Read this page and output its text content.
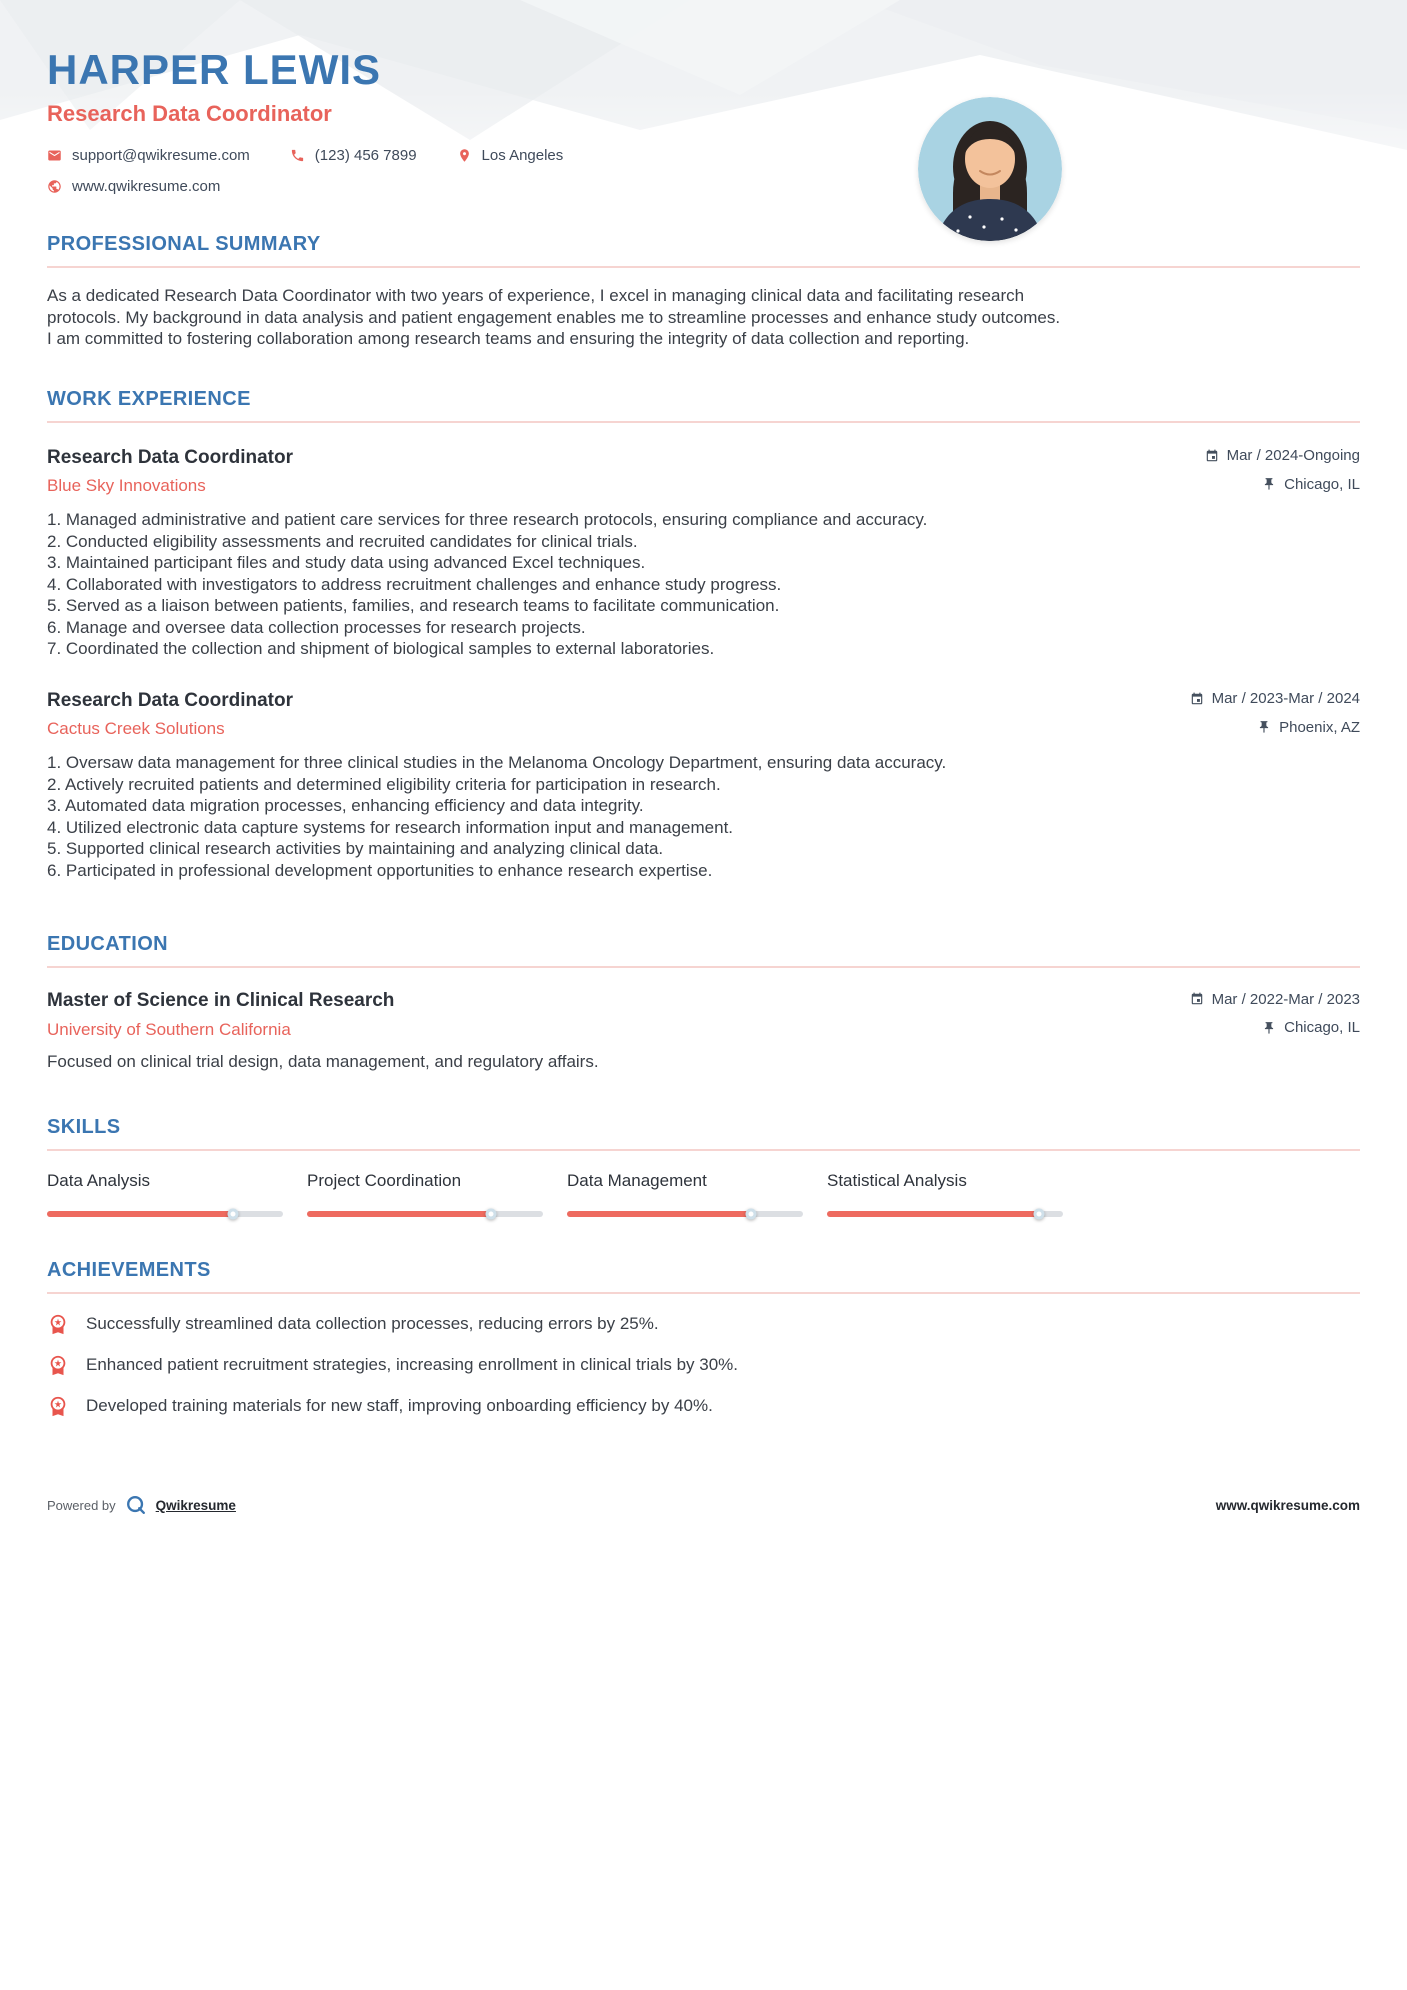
HARPER LEWIS
Research Data Coordinator
support@qwikresume.com	(123) 456 7899	Los Angeles
www.qwikresume.com
PROFESSIONAL SUMMARY

As a dedicated Research Data Coordinator with two years of experience, I excel in managing clinical data and facilitating research protocols. My background in data analysis and patient engagement enables me to streamline processes and enhance study outcomes. I am committed to fostering collaboration among research teams and ensuring the integrity of data collection and reporting.

WORK EXPERIENCE
Research Data Coordinator	Mar / 2024-Ongoing
Blue Sky Innovations	Chicago, IL
1. Managed administrative and patient care services for three research protocols, ensuring compliance and accuracy.
2. Conducted eligibility assessments and recruited candidates for clinical trials.
3. Maintained participant files and study data using advanced Excel techniques.
4. Collaborated with investigators to address recruitment challenges and enhance study progress.
5. Served as a liaison between patients, families, and research teams to facilitate communication.
6. Manage and oversee data collection processes for research projects.
7. Coordinated the collection and shipment of biological samples to external laboratories.
Research Data Coordinator	Mar / 2023-Mar / 2024
Cactus Creek Solutions	Phoenix, AZ
1. Oversaw data management for three clinical studies in the Melanoma Oncology Department, ensuring data accuracy.
2. Actively recruited patients and determined eligibility criteria for participation in research.
3. Automated data migration processes, enhancing efficiency and data integrity.
4. Utilized electronic data capture systems for research information input and management.
5. Supported clinical research activities by maintaining and analyzing clinical data.
6. Participated in professional development opportunities to enhance research expertise.
EDUCATION
Master of Science in Clinical Research	Mar / 2022-Mar / 2023
University of Southern California	Chicago, IL
Focused on clinical trial design, data management, and regulatory affairs.
SKILLS
Data Analysis	Project Coordination	Data Management	Statistical Analysis
ACHIEVEMENTS
Successfully streamlined data collection processes, reducing errors by 25%.
Enhanced patient recruitment strategies, increasing enrollment in clinical trials by 30%.
Developed training materials for new staff, improving onboarding efficiency by 40%.
Powered by	Qwikresume	www.qwikresume.com
